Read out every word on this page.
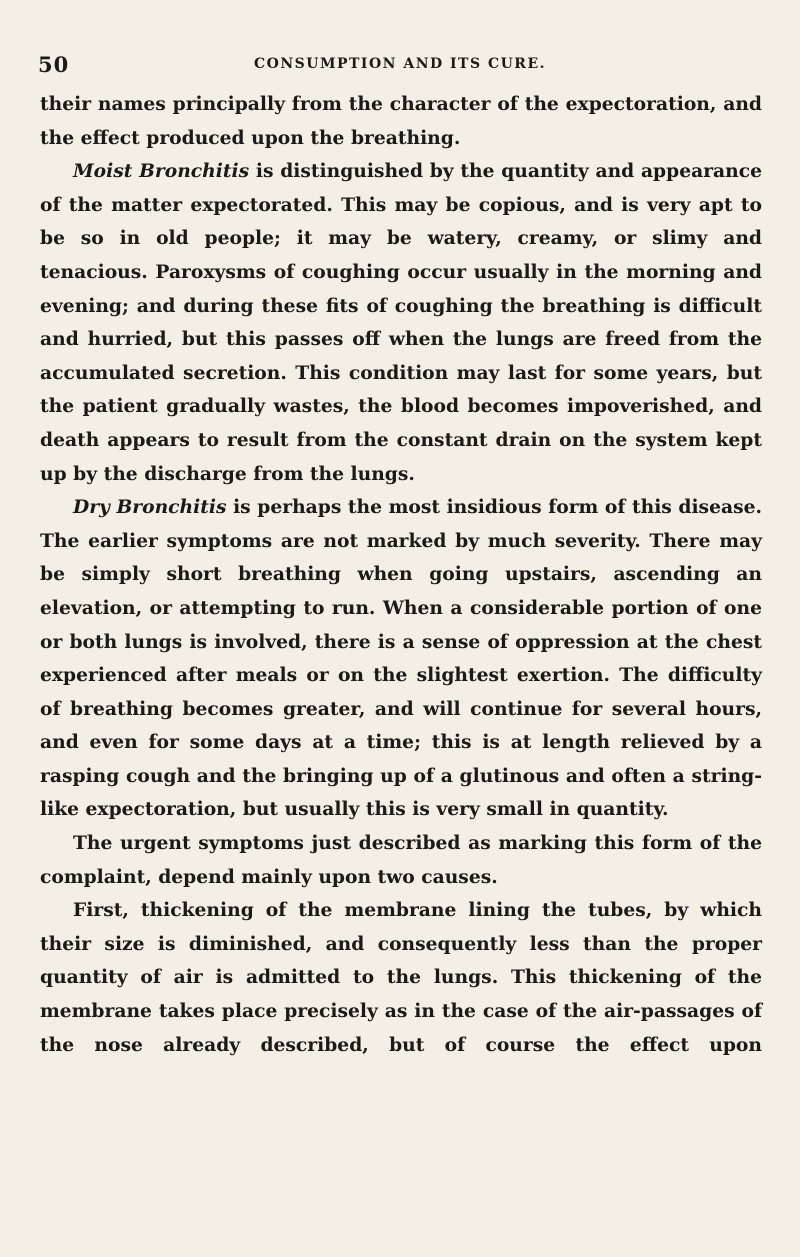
50	CONSUMPTION AND ITS CURE.

their names principally from the character of the expectoration, and the effect produced upon the breathing.

Moist Bronchitis is distinguished by the quantity and appearance of the matter expectorated. This may be copious, and is very apt to be so in old people; it may be watery, creamy, or slimy and tenacious. Paroxysms of coughing occur usually in the morning and evening; and during these fits of coughing the breathing is difficult and hurried, but this passes off when the lungs are freed from the accumulated secretion. This condition may last for some years, but the patient gradually wastes, the blood becomes impoverished, and death appears to result from the constant drain on the system kept up by the discharge from the lungs.

Dry Bronchitis is perhaps the most insidious form of this disease. The earlier symptoms are not marked by much severity. There may be simply short breathing when going upstairs, ascending an elevation, or attempting to run. When a considerable portion of one or both lungs is involved, there is a sense of oppression at the chest experienced after meals or on the slightest exertion. The difficulty of breathing becomes greater, and will continue for several hours, and even for some days at a time; this is at length relieved by a rasping cough and the bringing up of a glutinous and often a string-like expectoration, but usually this is very small in quantity.

The urgent symptoms just described as marking this form of the complaint, depend mainly upon two causes.

First, thickening of the membrane lining the tubes, by which their size is diminished, and consequently less than the proper quantity of air is admitted to the lungs. This thickening of the membrane takes place precisely as in the case of the air-passages of the nose already described, but of course the effect upon
